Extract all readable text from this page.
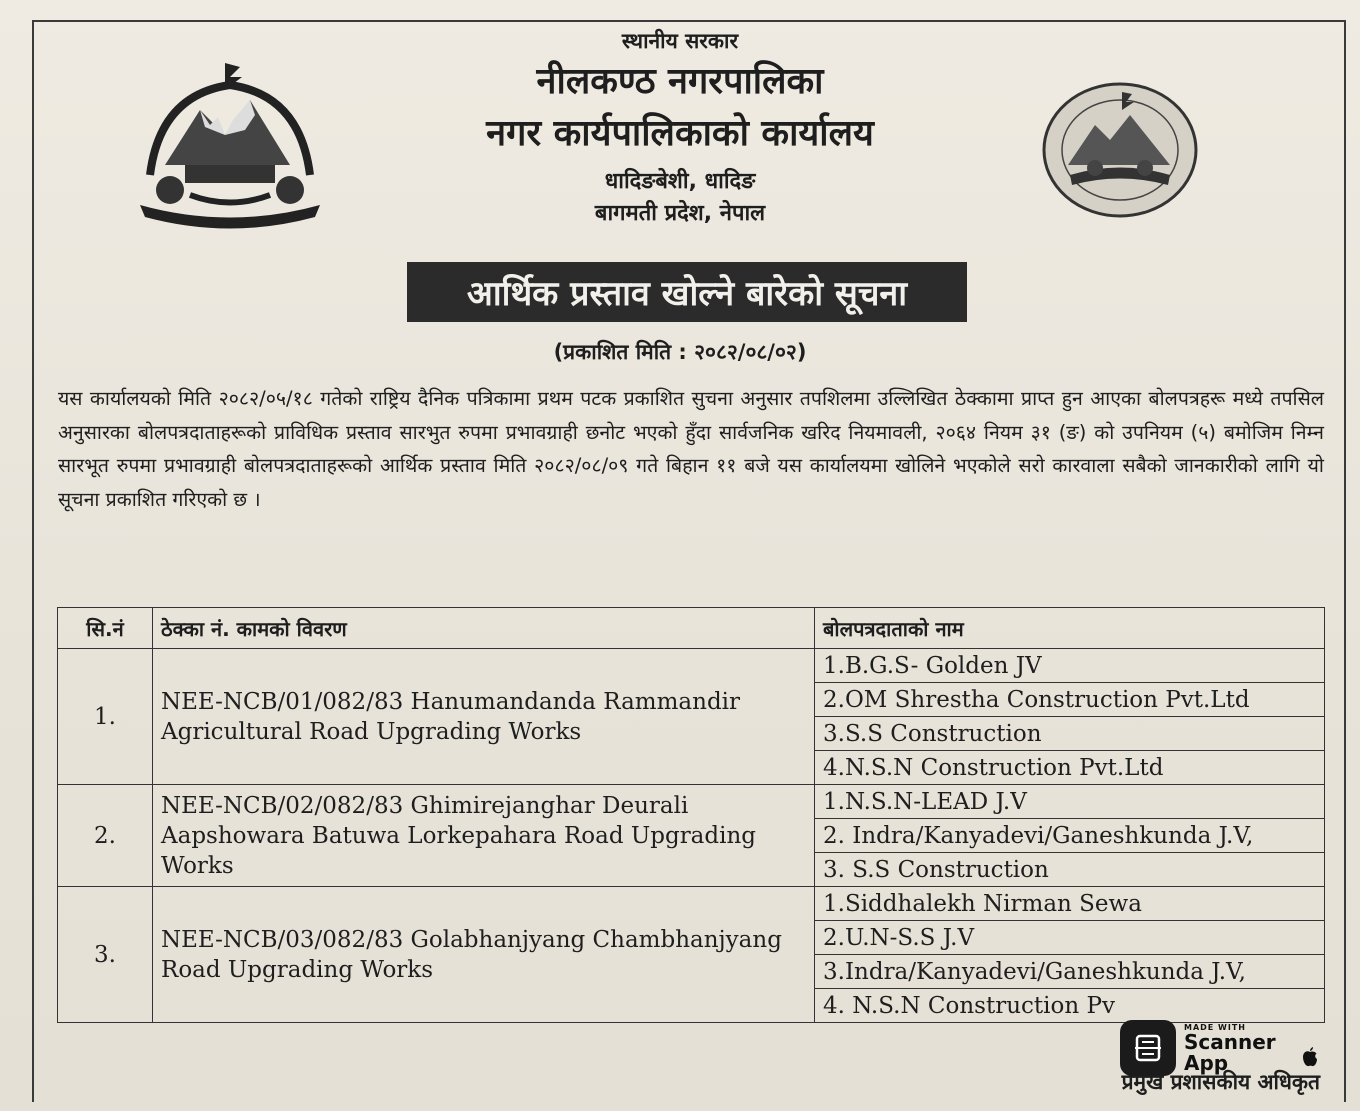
स्थानीय सरकार

नीलकण्ठ नगरपालिका

नगर कार्यपालिकाको कार्यालय

धादिङबेशी, धादिङ

बागमती प्रदेश, नेपाल

आर्थिक प्रस्ताव खोल्ने बारेको सूचना
(प्रकाशित मिति : २०८२/०८/०२)

यस कार्यालयको मिति २०८२/०५/१८ गतेको राष्ट्रिय दैनिक पत्रिकामा प्रथम पटक प्रकाशित सुचना अनुसार तपशिलमा उल्लिखित ठेक्कामा प्राप्त हुन आएका बोलपत्रहरू मध्ये तपसिल अनुसारका बोलपत्रदाताहरूको प्राविधिक प्रस्ताव सारभुत रुपमा प्रभावग्राही छनोट भएको हुँदा सार्वजनिक खरिद नियमावली, २०६४ नियम ३१ (ङ) को उपनियम (५) बमोजिम निम्न सारभूत रुपमा प्रभावग्राही बोलपत्रदाताहरूको आर्थिक प्रस्ताव मिति २०८२/०८/०९ गते बिहान ११ बजे यस कार्यालयमा खोलिने भएकोले सरो कारवाला सबैको जानकारीको लागि यो सूचना प्रकाशित गरिएको छ ।

सि.नं	ठेक्का नं. कामको विवरण	बोलपत्रदाताको नाम
1.	NEE-NCB/01/082/83 Hanumandanda Rammandir Agricultural Road Upgrading Works	1.B.G.S- Golden JV
		2.OM Shrestha Construction Pvt.Ltd
		3.S.S Construction
		4.N.S.N Construction Pvt.Ltd
2.	NEE-NCB/02/082/83 Ghimirejanghar Deurali Aapshowara Batuwa Lorkepahara Road Upgrading Works	1.N.S.N-LEAD J.V
		2. Indra/Kanyadevi/Ganeshkunda J.V,
		3. S.S Construction
3.	NEE-NCB/03/082/83 Golabhanjyang Chambhanjyang Road Upgrading Works	1.Siddhalekh Nirman Sewa
		2.U.N-S.S J.V
		3.Indra/Kanyadevi/Ganeshkunda J.V,
		4. N.S.N Construction Pv
MADE WITH
Scanner
App
प्रमुख प्रशासकीय अधिकृत
